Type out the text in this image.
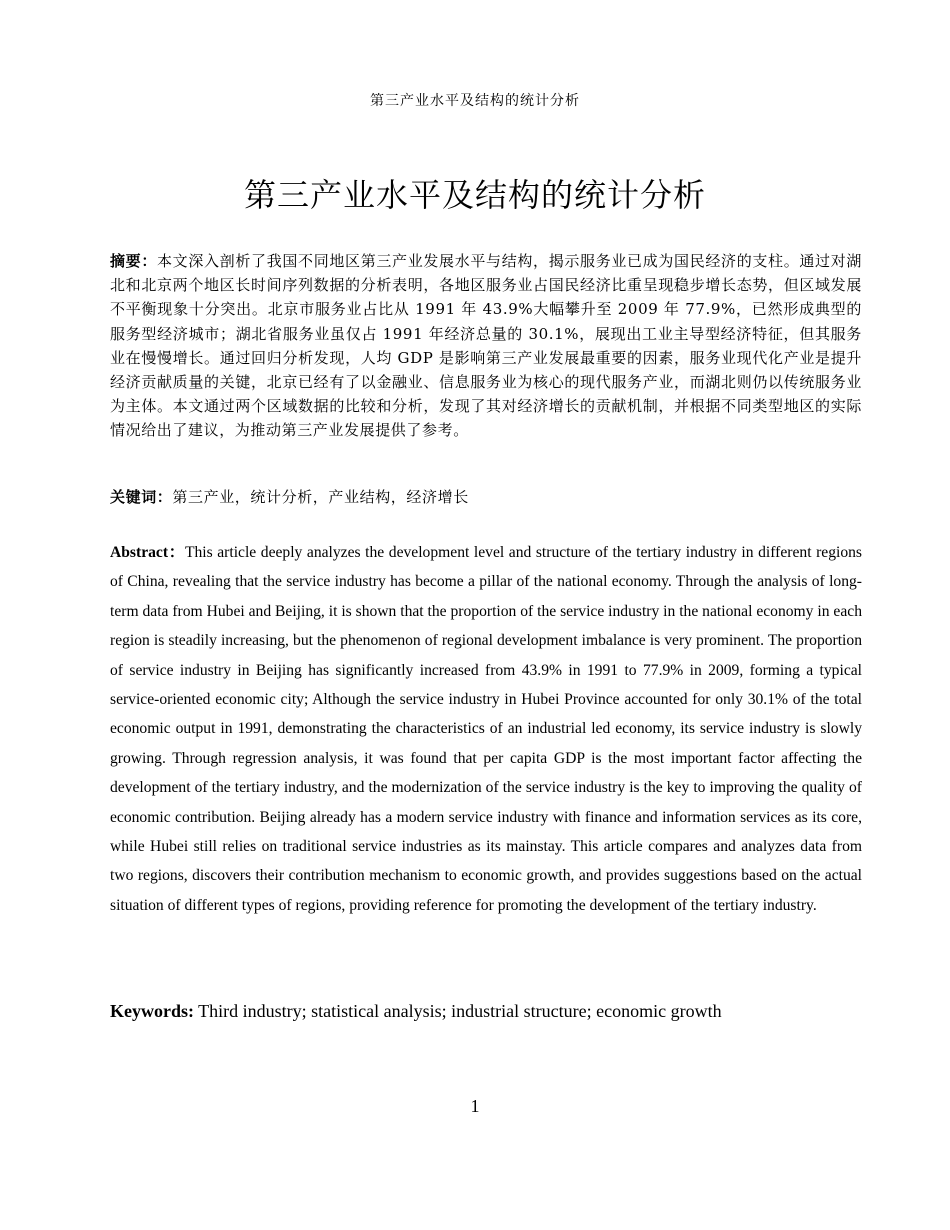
第三产业水平及结构的统计分析
第三产业水平及结构的统计分析

摘要：本文深入剖析了我国不同地区第三产业发展水平与结构，揭示服务业已成为国民经济的支柱。通过对湖北和北京两个地区长时间序列数据的分析表明，各地区服务业占国民经济比重呈现稳步增长态势，但区域发展不平衡现象十分突出。北京市服务业占比从 1991 年 43.9%大幅攀升至 2009 年 77.9%，已然形成典型的服务型经济城市；湖北省服务业虽仅占 1991 年经济总量的 30.1%，展现出工业主导型经济特征，但其服务业在慢慢增长。通过回归分析发现，人均 GDP 是影响第三产业发展最重要的因素，服务业现代化产业是提升经济贡献质量的关键，北京已经有了以金融业、信息服务业为核心的现代服务产业，而湖北则仍以传统服务业为主体。本文通过两个区域数据的比较和分析，发现了其对经济增长的贡献机制，并根据不同类型地区的实际情况给出了建议，为推动第三产业发展提供了参考。

关键词：第三产业，统计分析，产业结构，经济增长

Abstract：This article deeply analyzes the development level and structure of the tertiary industry in different regions of China, revealing that the service industry has become a pillar of the national economy. Through the analysis of long-term data from Hubei and Beijing, it is shown that the proportion of the service industry in the national economy in each region is steadily increasing, but the phenomenon of regional development imbalance is very prominent. The proportion of service industry in Beijing has significantly increased from 43.9% in 1991 to 77.9% in 2009, forming a typical service-oriented economic city; Although the service industry in Hubei Province accounted for only 30.1% of the total economic output in 1991, demonstrating the characteristics of an industrial led economy, its service industry is slowly growing. Through regression analysis, it was found that per capita GDP is the most important factor affecting the development of the tertiary industry, and the modernization of the service industry is the key to improving the quality of economic contribution. Beijing already has a modern service industry with finance and information services as its core, while Hubei still relies on traditional service industries as its mainstay. This article compares and analyzes data from two regions, discovers their contribution mechanism to economic growth, and provides suggestions based on the actual situation of different types of regions, providing reference for promoting the development of the tertiary industry.

Keywords: Third industry; statistical analysis; industrial structure; economic growth

1
